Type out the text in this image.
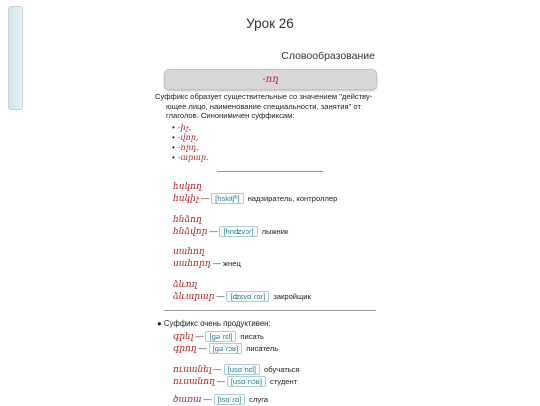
Урок 26
Словообразование
-ող
Суффикс образует существительные со значением "действу-
ющее лицо, наименование специальности, занятия" от
глаголов. Синонимичен суффиксам:
• -իչ,
• -վոր,
• -որդ,
• -արար.
հսկող
հսկիչ — [hskitʃʰ] надзиратель, контроллер
հնձող
հնձվոր — [hnʣvɔɾ] лыжник
սահող
սահորդ — жнец
ձևող
ձևարար — [ʣɛvɑˈɾɑɾ] закройщик
● Суффикс очень продуктивен:
գրել — [gəˈɾɛl] писать
գրող — [gəˈɾɔʁ] писатель
ուսանել — [usɑˈnɛl] обучаться
ուսանող — [usɑˈnɔʁ] студент
ծառա — [tsɑˈɾɑ] слуга
